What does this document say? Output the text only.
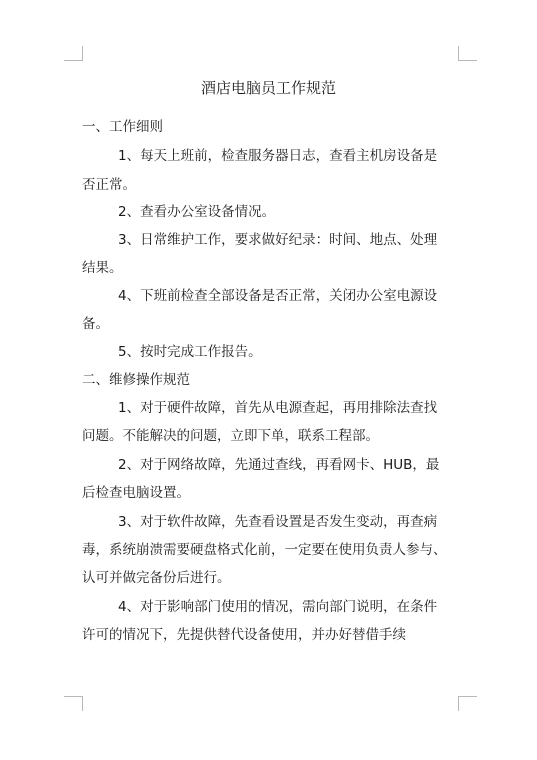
酒店电脑员工作规范

一、工作细则

1、每天上班前，检查服务器日志，查看主机房设备是

否正常。

2、查看办公室设备情况。

3、日常维护工作，要求做好纪录：时间、地点、处理

结果。

4、下班前检查全部设备是否正常，关闭办公室电源设

备。

5、按时完成工作报告。

二、维修操作规范

1、对于硬件故障，首先从电源查起，再用排除法查找

问题。不能解决的问题，立即下单，联系工程部。

2、对于网络故障，先通过查线，再看网卡、HUB，最

后检查电脑设置。

3、对于软件故障，先查看设置是否发生变动，再查病

毒，系统崩溃需要硬盘格式化前，一定要在使用负责人参与、

认可并做完备份后进行。

4、对于影响部门使用的情况，需向部门说明，在条件

许可的情况下，先提供替代设备使用，并办好替借手续
